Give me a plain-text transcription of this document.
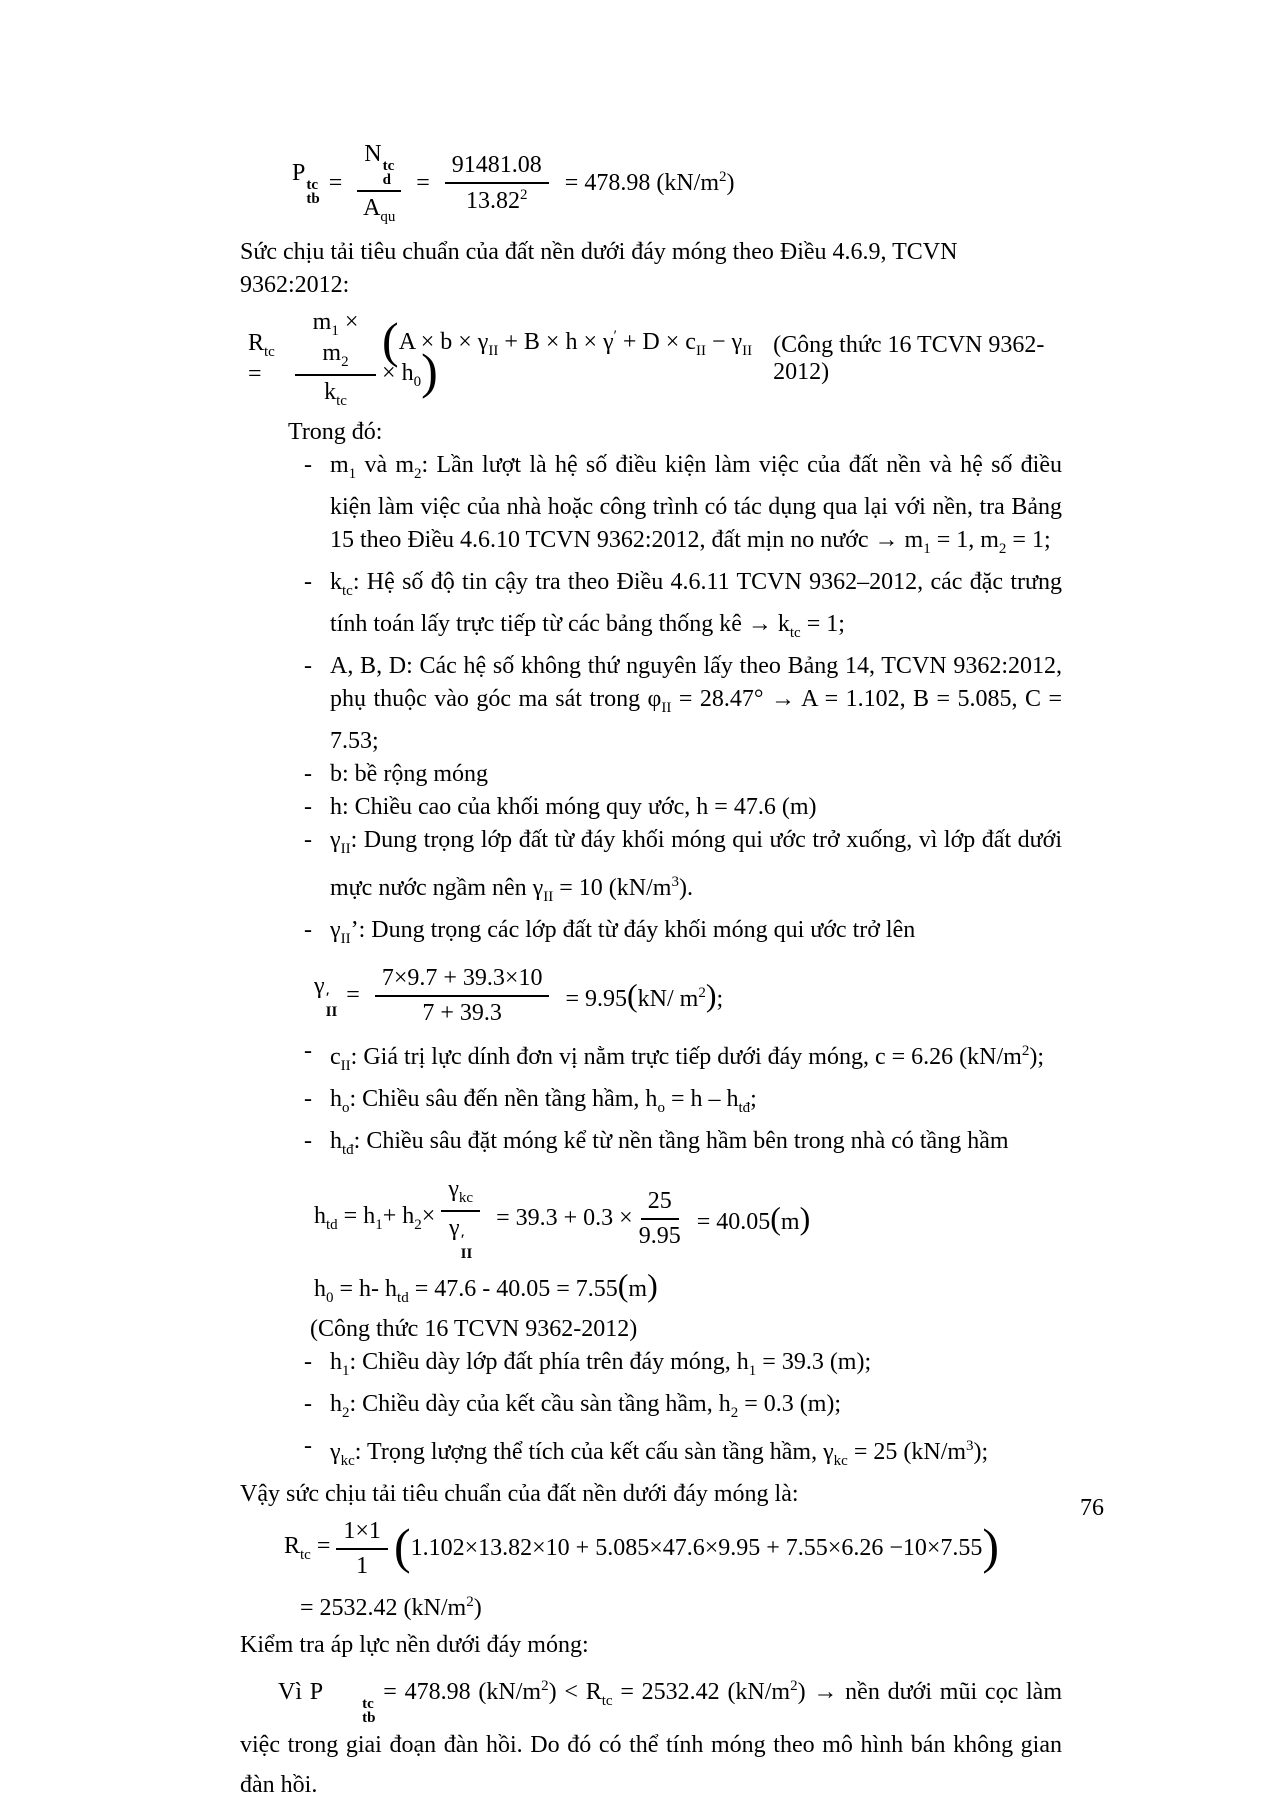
P tc
tb
= N tc
d
$A_{qu} = \frac{91481.08}{13.82^2} = 478.98$ $(kN/m^2)$

Sức chịu tải tiêu chuẩn của đất nền dưới đáy móng theo Điều 4.6.9, TCVN 9362:2012:

$R_{tc}$ =	$\frac{m_1 \times m_2}{k_{tc}} (A \times b \times \gamma_{II} + B \times h \times \gamma' + D \times c_{II} - \gamma_{II} \times h_0)$	(Công thức 16 TCVN 9362-2012)

Trong đó:

- $m_1$ và $m_2$: Lần lượt là hệ số điều kiện làm việc của đất nền và hệ số điều kiện làm việc của nhà hoặc công trình có tác dụng qua lại với nền, tra Bảng 15 theo Điều 4.6.10 TCVN 9362:2012, đất mịn no nước → $m_1 = 1$, $m_2 = 1$;
- $k_{tc}$: Hệ số độ tin cậy tra theo Điều 4.6.11 TCVN 9362–2012, các đặc trưng tính toán lấy trực tiếp từ các bảng thống kê → $k_{tc} = 1$;
- A, B, D: Các hệ số không thứ nguyên lấy theo Bảng 14, TCVN 9362:2012, phụ thuộc vào góc ma sát trong $\varphi_{II} = 28.47^\circ \to A = 1.102$, B = 5.085, C = 7.53;
- b: bề rộng móng
- h: Chiều cao của khối móng quy ước, h = 47.6 (m)
- $\gamma_{II}$: Dung trọng lớp đất từ đáy khối móng qui ước trở xuống, vì lớp đất dưới mực nước ngầm nên $\gamma_{II} = 10$ $(kN/m^3)$.
- $\gamma_{II}$’: Dung trọng các lớp đất từ đáy khối móng qui ước trở lên
γ ′
II
= $\frac{7\times 9.7 + 39.3\times 10}{7 + 39.3} = 9.95(kN/$ $m^2$);
- $c_{II}$: Giá trị lực dính đơn vị nằm trực tiếp dưới đáy móng, c = 6.26 $(kN/m^2)$;
- $h_o$: Chiều sâu đến nền tầng hầm, $h_o = h - h_{tđ}$;
- $h_{tđ}$: Chiều sâu đặt móng kể từ nền tầng hầm bên trong nhà có tầng hầm
$h_{td} = h_1+ h_2\times \gamma_{kc}$
γ ′
II = $39.3 + 0.3 \times \frac{25}{9.95} = 40.05(m)$
$h_0 = h-$ $h_{td} = 47.6 - 40.05 = 7.55(m)$

(Công thức 16 TCVN 9362-2012)

- $h_1$: Chiều dày lớp đất phía trên đáy móng, $h_1 = 39.3$ (m);
- $h_2$: Chiều dày của kết cầu sàn tầng hầm, $h_2 = 0.3$ (m);
- $\gamma_{kc}$: Trọng lượng thể tích của kết cấu sàn tầng hầm, $\gamma_{kc} = 25$ $(kN/m^3)$;

Vậy sức chịu tải tiêu chuẩn của đất nền dưới đáy móng là:

$R_{tc} = \frac{1\times 1}{1} (1.102\times 13.82\times 10 + 5.085\times 47.6\times 9.95 + 7.55\times 6.26 -10\times 7.55)$
= 2532.42 $(kN/m^2)$

Kiểm tra áp lực nền dưới đáy móng:

Vì P	tc
tb
= 478.98 $(kN/m^2) < R_{tc} = 2532.42$ $(kN/m^2)$ → nền dưới mũi cọc làm việc trong giai đoạn đàn hồi. Do đó có thể tính móng theo mô hình bán không gian đàn hồi.

76
